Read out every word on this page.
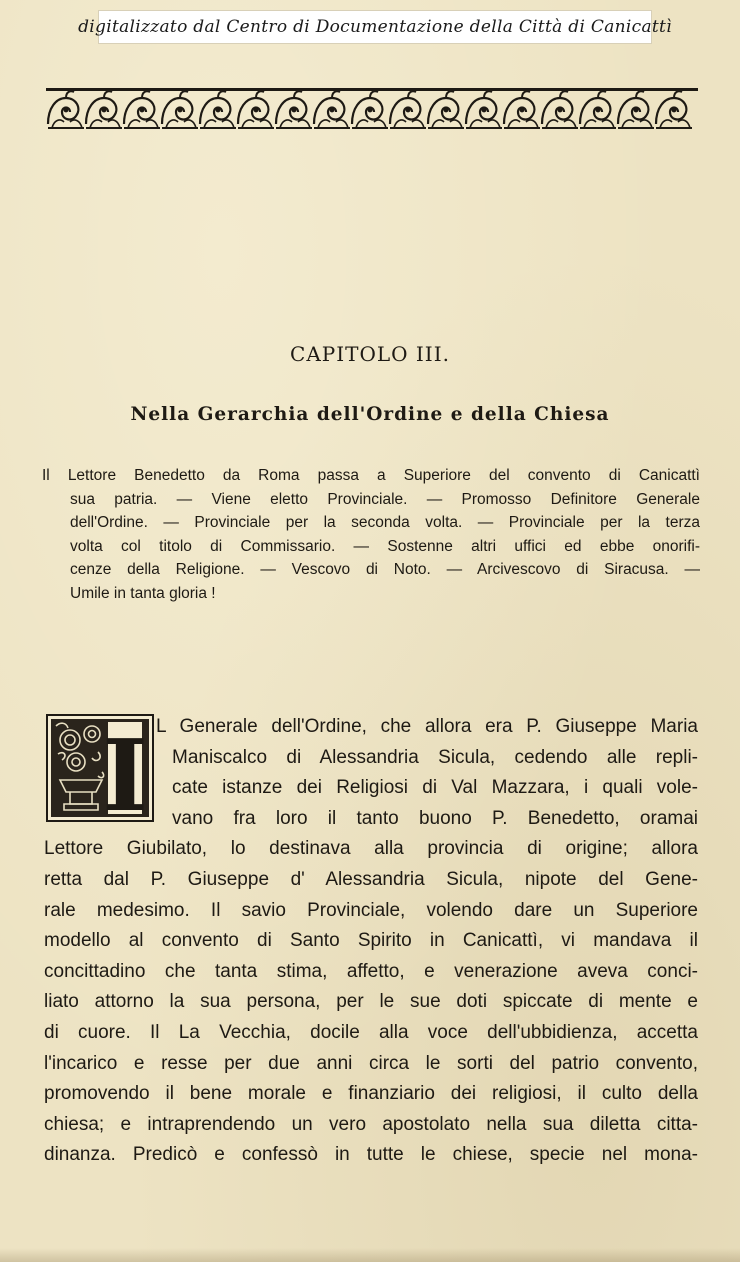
digitalizzato dal Centro di Documentazione della Città di Canicattì
CAPITOLO III.
Nella Gerarchia dell'Ordine e della Chiesa
Il Lettore Benedetto da Roma passa a Superiore del convento di Canicattì
sua patria. — Viene eletto Provinciale. — Promosso Definitore Generale
dell'Ordine. — Provinciale per la seconda volta. — Provinciale per la terza
volta col titolo di Commissario. — Sostenne altri uffici ed ebbe onorifi-
cenze della Religione. — Vescovo di Noto. — Arcivescovo di Siracusa. —
Umile in tanta gloria !
I L Generale dell'Ordine, che allora era P. Giuseppe Maria
Maniscalco di Alessandria Sicula, cedendo alle repli-
cate istanze dei Religiosi di Val Mazzara, i quali vole-
vano fra loro il tanto buono P. Benedetto, oramai
Lettore Giubilato, lo destinava alla provincia di origine; allora
retta dal P. Giuseppe d' Alessandria Sicula, nipote del Gene-
rale medesimo. Il savio Provinciale, volendo dare un Superiore
modello al convento di Santo Spirito in Canicattì, vi mandava il
concittadino che tanta stima, affetto, e venerazione aveva conci-
liato attorno la sua persona, per le sue doti spiccate di mente e
di cuore. Il La Vecchia, docile alla voce dell'ubbidienza, accetta
l'incarico e resse per due anni circa le sorti del patrio convento,
promovendo il bene morale e finanziario dei religiosi, il culto della
chiesa; e intraprendendo un vero apostolato nella sua diletta citta-
dinanza. Predicò e confessò in tutte le chiese, specie nel mona-
